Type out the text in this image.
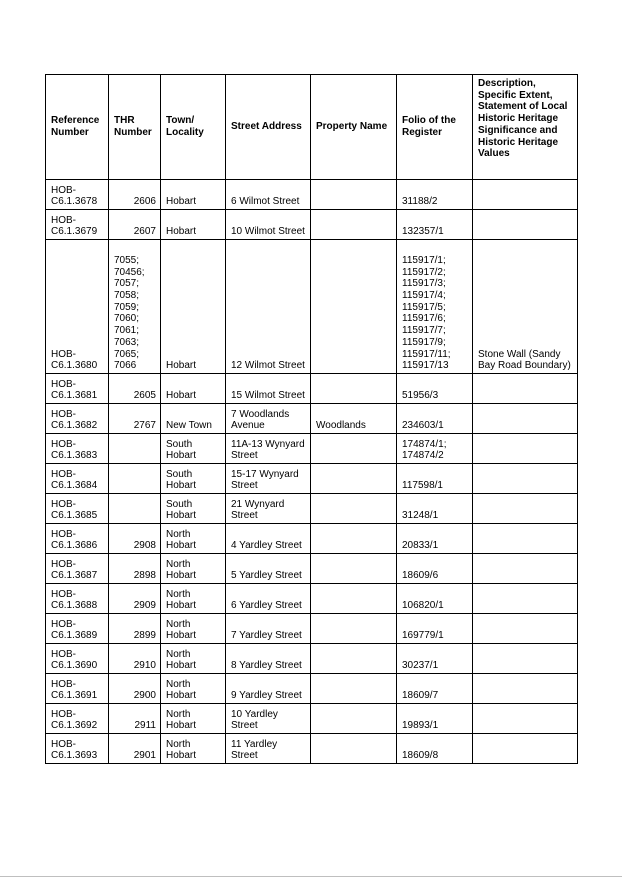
Reference Number	THR Number	Town/ Locality	Street Address	Property Name	Folio of the Register	Description, Specific Extent, Statement of Local Historic Heritage Significance and Historic Heritage Values
HOB-C6.1.3678	2606	Hobart	6 Wilmot Street		31188/2	
HOB-C6.1.3679	2607	Hobart	10 Wilmot Street		132357/1	
HOB-C6.1.3680	7055; 70456; 7057; 7058; 7059; 7060; 7061; 7063; 7065; 7066	Hobart	12 Wilmot Street		115917/1; 115917/2; 115917/3; 115917/4; 115917/5; 115917/6; 115917/7; 115917/9; 115917/11; 115917/13	Stone Wall (Sandy Bay Road Boundary)
HOB-C6.1.3681	2605	Hobart	15 Wilmot Street		51956/3	
HOB-C6.1.3682	2767	New Town	7 Woodlands Avenue	Woodlands	234603/1	
HOB-C6.1.3683		South Hobart	11A-13 Wynyard Street		174874/1; 174874/2	
HOB-C6.1.3684		South Hobart	15-17 Wynyard Street		117598/1	
HOB-C6.1.3685		South Hobart	21 Wynyard Street		31248/1	
HOB-C6.1.3686	2908	North Hobart	4 Yardley Street		20833/1	
HOB-C6.1.3687	2898	North Hobart	5 Yardley Street		18609/6	
HOB-C6.1.3688	2909	North Hobart	6 Yardley Street		106820/1	
HOB-C6.1.3689	2899	North Hobart	7 Yardley Street		169779/1	
HOB-C6.1.3690	2910	North Hobart	8 Yardley Street		30237/1	
HOB-C6.1.3691	2900	North Hobart	9 Yardley Street		18609/7	
HOB-C6.1.3692	2911	North Hobart	10 Yardley Street		19893/1	
HOB-C6.1.3693	2901	North Hobart	11 Yardley Street		18609/8	
